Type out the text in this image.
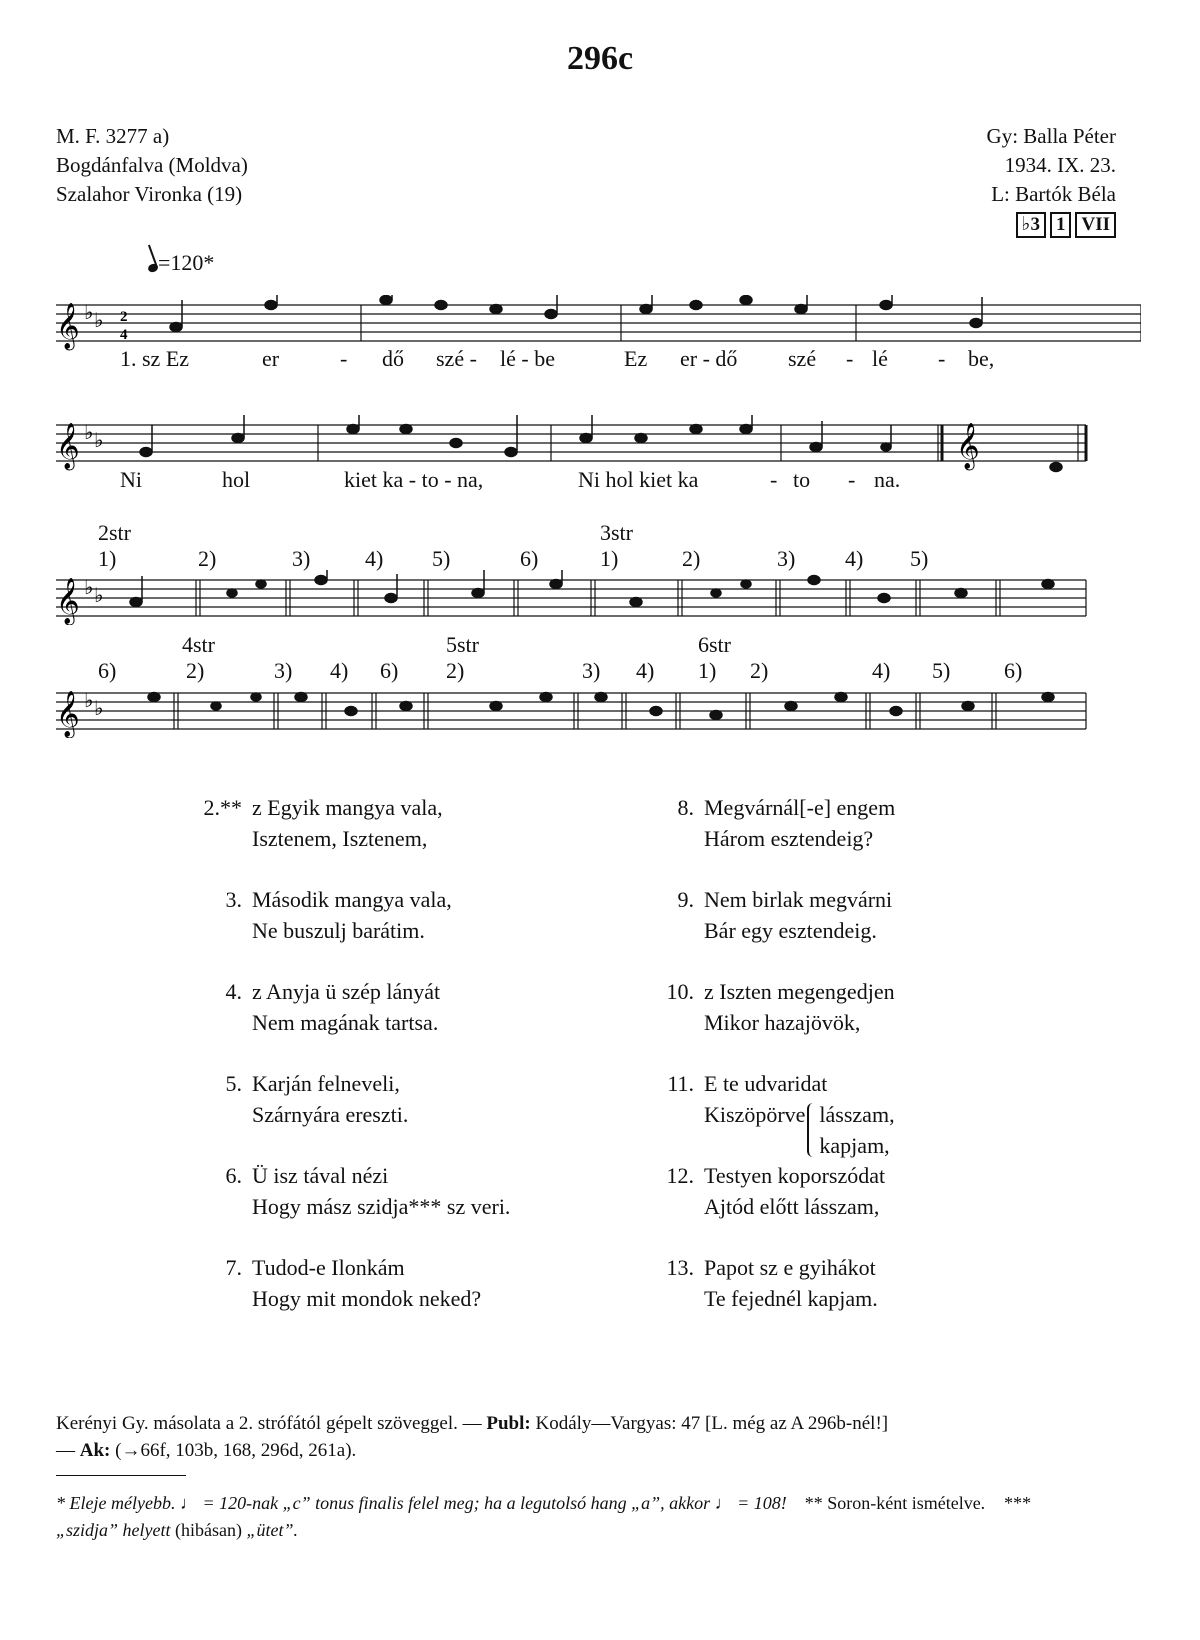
296c
M. F. 3277 a)
Bogdánfalva (Moldva)
Szalahor Vironka (19)
Gy: Balla Péter
1934. IX. 23.
L: Bartók Béla
♭3 1 VII
=120*
𝄞 ♭ ♭ 2
4
1. sz Ez	er	- dő szé - lé - be	Ez er - dő szé - lé - be,
𝄞 ♭ ♭	𝄞
Ni	hol	kiet ka - to - na,	Ni hol kiet ka	- to - na.
2str
1)	2)	3) 4) 5)	6)
3str
1)	2)	3) 4) 5)
𝄞 ♭ ♭
6)
4str
2)	3) 4) 6)
5str
2)	3) 4)
6str
1) 2)	4) 5) 6)
𝄞 ♭ ♭
2.** z Egyik mangya vala,
Isztenem, Isztenem,
3. Második mangya vala,
Ne buszulj barátim.
4. z Anyja ü szép lányát
Nem magának tartsa.
5. Karján felneveli,
Szárnyára ereszti.
6. Ü isz tával nézi
Hogy mász szidja*** sz veri.
7. Tudod-e Ilonkám
Hogy mit mondok neked?
8. Megvárnál[-e] engem
Három esztendeig?
9. Nem birlak megvárni
Bár egy esztendeig.
10. z Iszten megengedjen
Mikor hazajövök,
11. E te udvaridat
Kiszöpörve lásszam,
kapjam,
12. Testyen koporszódat
Ajtód előtt lásszam,
13. Papot sz e gyihákot
Te fejednél kapjam.
Kerényi Gy. másolata a 2. strófától gépelt szöveggel. — Publ: Kodály—Vargyas: 47 [L. még az A 296b-nél!]
— Ak: (→66f, 103b, 168, 296d, 261a).
* Eleje mélyebb. ♩ = 120-nak „c” tonus finalis felel meg; ha a legutolsó hang „a”, akkor ♩ = 108! ** Soron-ként ismételve. *** „szidja” helyett (hibásan) „ütet”.
